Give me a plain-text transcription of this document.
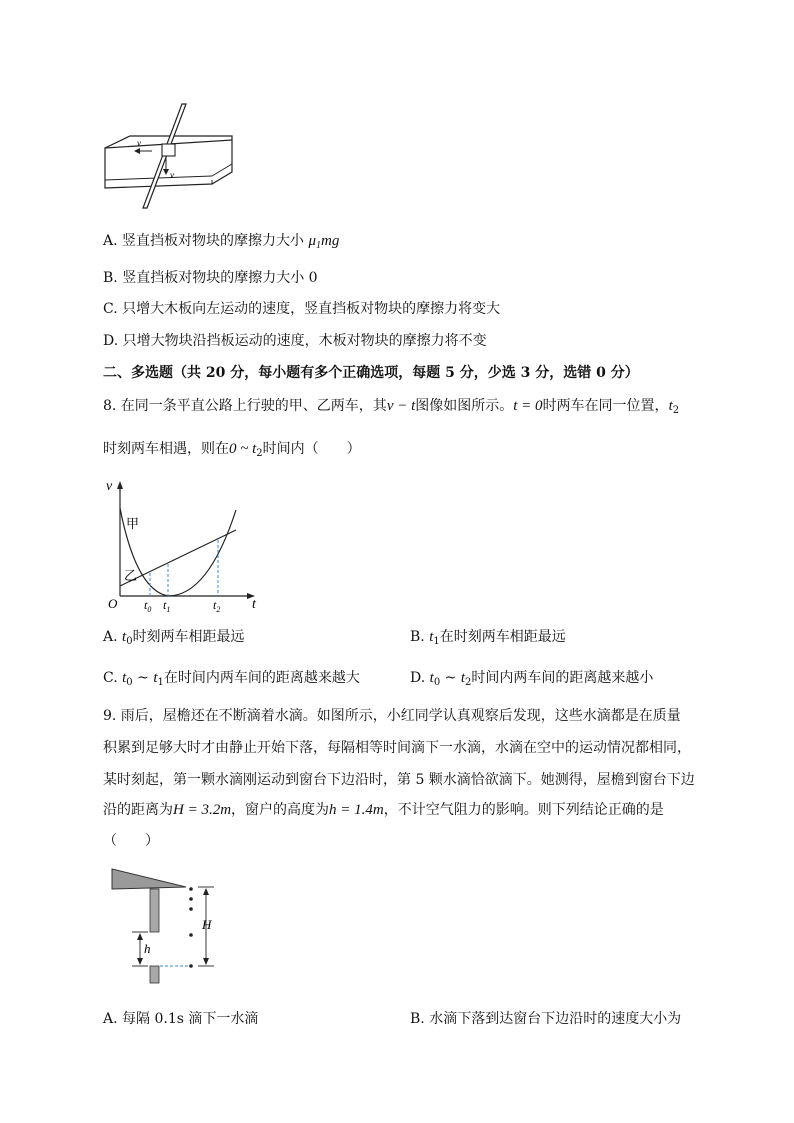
v
v
A. 竖直挡板对物块的摩擦力大小 $\mu_1mg$
B. 竖直挡板对物块的摩擦力大小 0
C. 只增大木板向左运动的速度，竖直挡板对物块的摩擦力将变大
D. 只增大物块沿挡板运动的速度，木板对物块的摩擦力将不变
二、多选题（共 20 分，每小题有多个正确选项，每题 5 分，少选 3 分，选错 0 分）
8. 在同一条平直公路上行驶的甲、乙两车，其v − t图像如图所示。t = 0时两车在同一位置，$t_2$
时刻两车相遇，则在0 ~ $t_2$时间内（　　）
v
t
O
甲
乙
$t_0$ $t_1$	$t_2$
A. $t_0$时刻两车相距最远	B. $t_1$在时刻两车相距最远
C. $t_0$ ~ $t_1$在时间内两车间的距离越来越大	D. $t_0$ ~ $t_2$时间内两车间的距离越来越小
9. 雨后，屋檐还在不断滴着水滴。如图所示，小红同学认真观察后发现，这些水滴都是在质量
积累到足够大时才由静止开始下落，每隔相等时间滴下一水滴，水滴在空中的运动情况都相同，
某时刻起，第一颗水滴刚运动到窗台下边沿时，第 5 颗水滴恰欲滴下。她测得，屋檐到窗台下边
沿的距离为H = 3.2m，窗户的高度为h = 1.4m，不计空气阻力的影响。则下列结论正确的是
（　　）
H
h
A. 每隔 0.1s 滴下一水滴	B. 水滴下落到达窗台下边沿时的速度大小为
